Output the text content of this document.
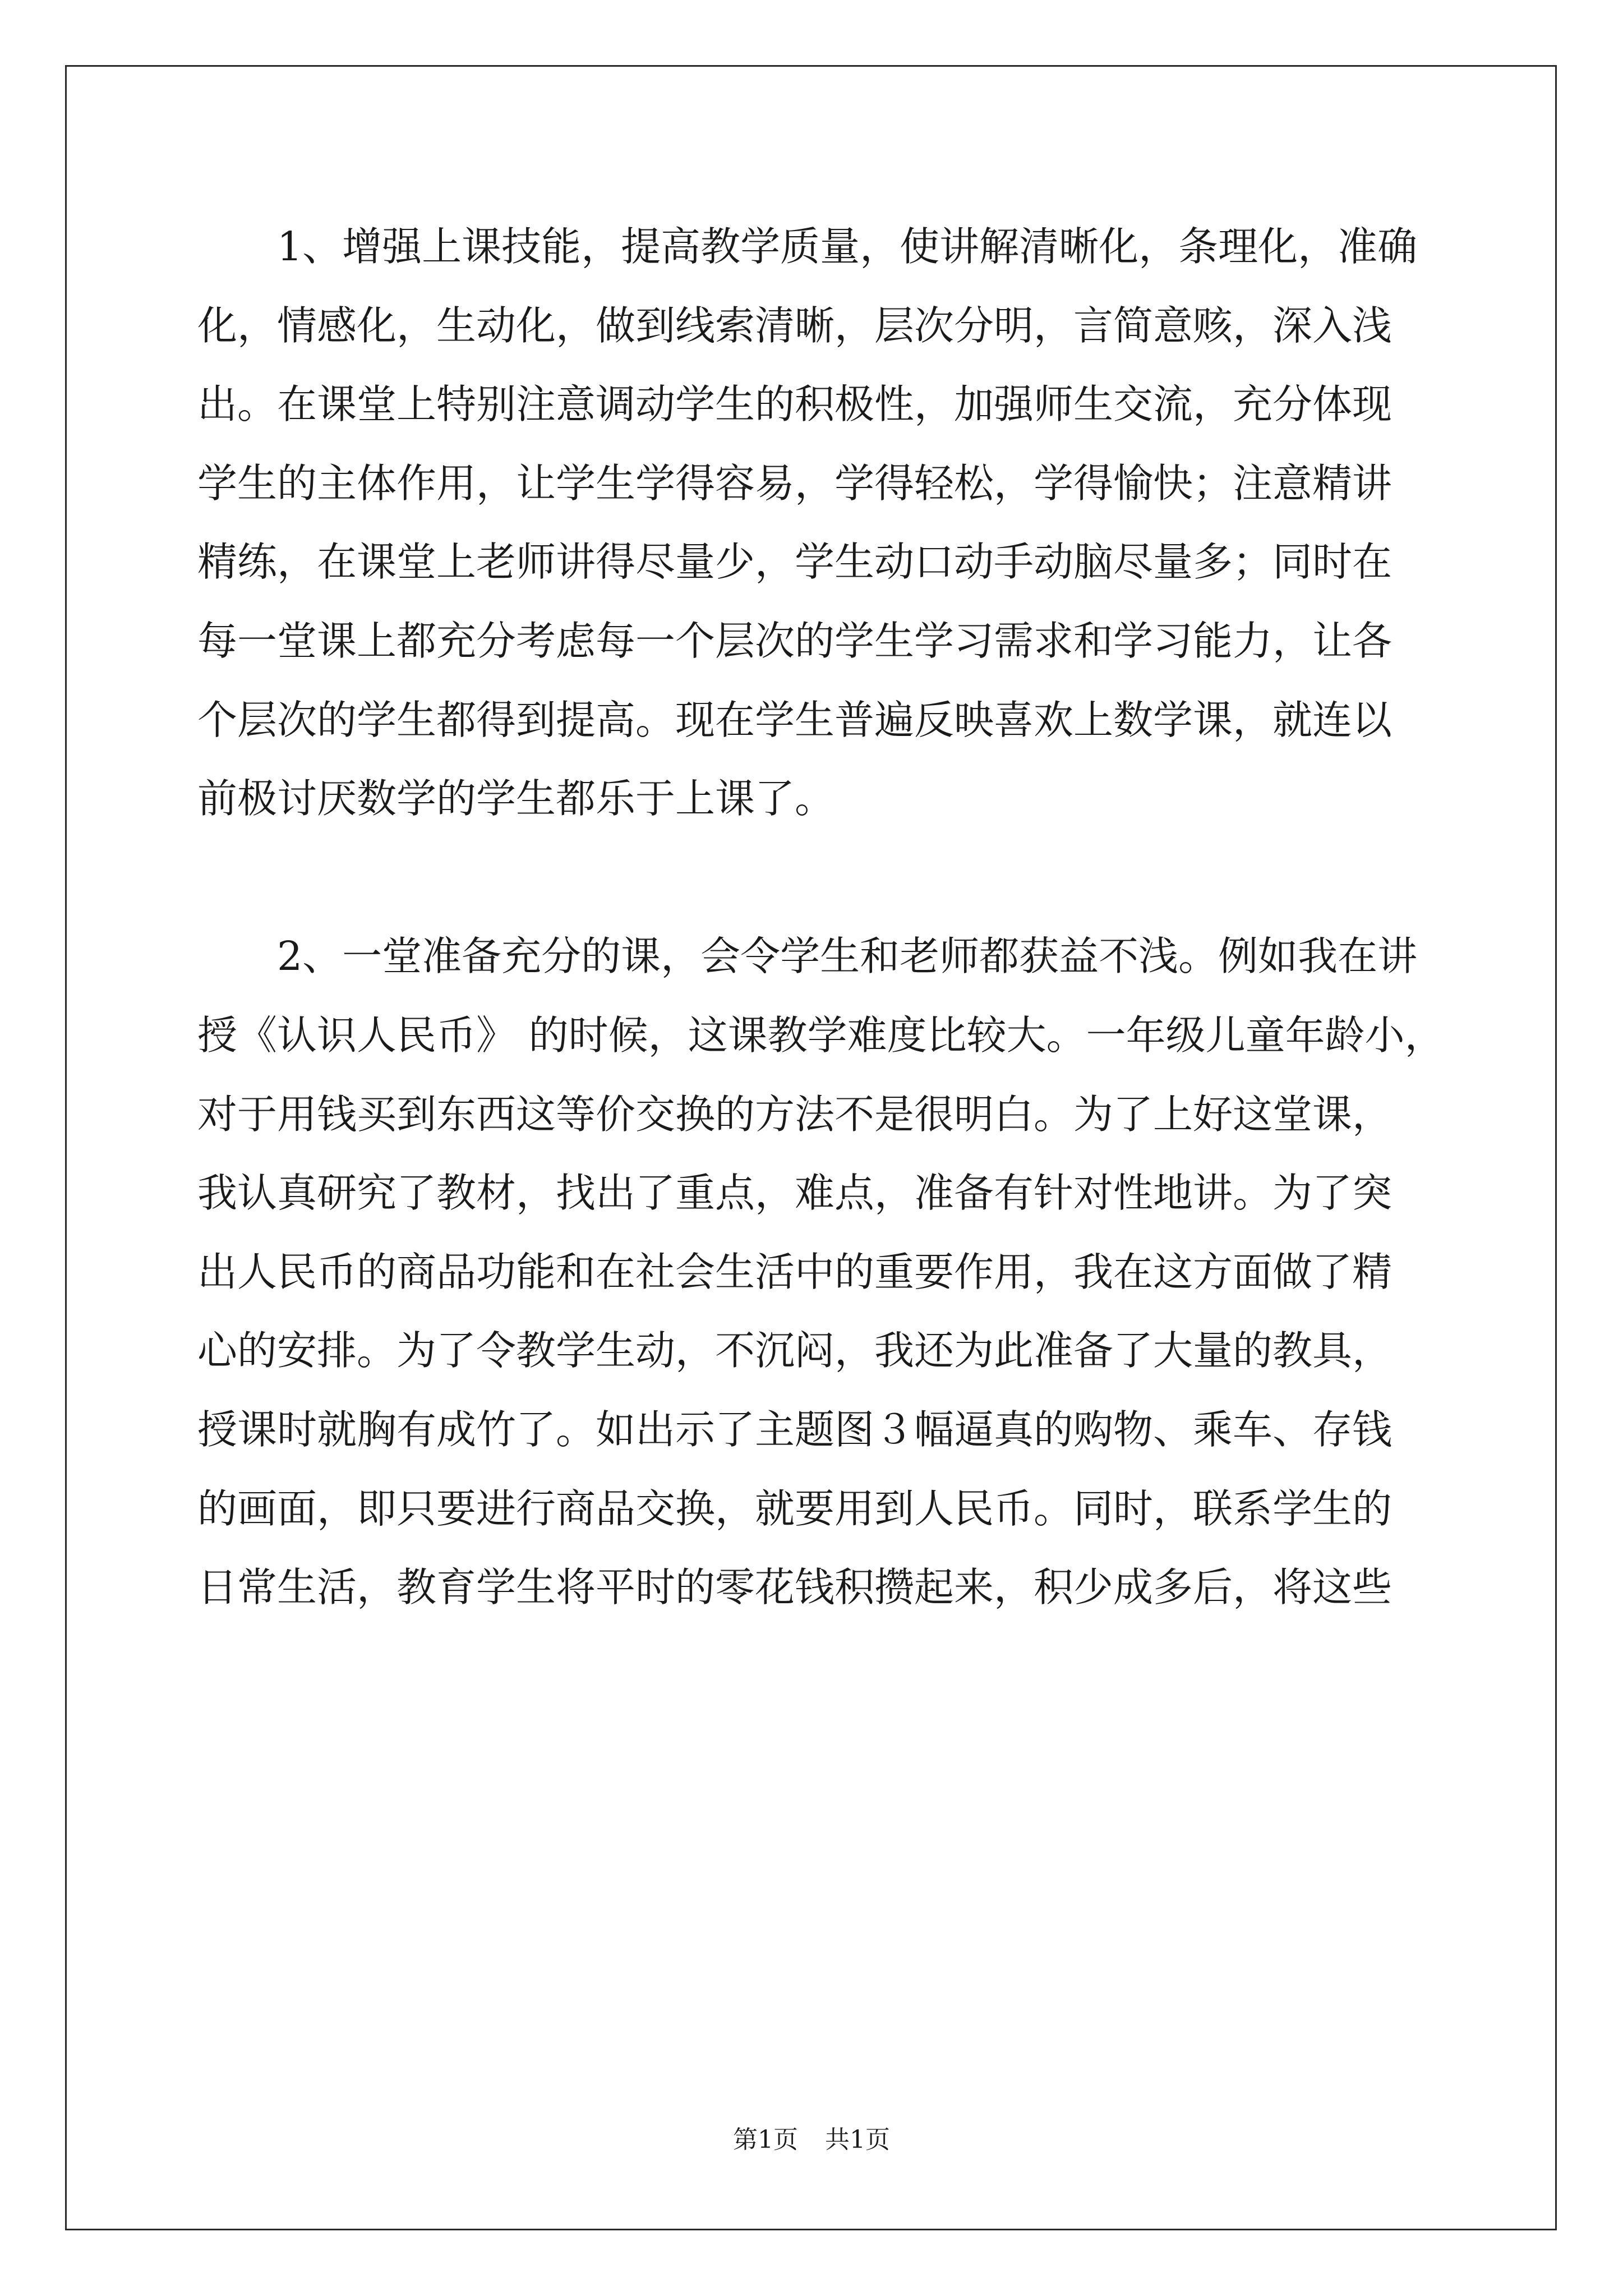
　　1、增强上课技能，提高教学质量，使讲解清晰化，条理化，准确
化，情感化，生动化，做到线索清晰，层次分明，言简意赅，深入浅
出。在课堂上特别注意调动学生的积极性，加强师生交流，充分体现
学生的主体作用，让学生学得容易，学得轻松，学得愉快；注意精讲
精练，在课堂上老师讲得尽量少，学生动口动手动脑尽量多；同时在
每一堂课上都充分考虑每一个层次的学生学习需求和学习能力，让各
个层次的学生都得到提高。现在学生普遍反映喜欢上数学课，就连以
前极讨厌数学的学生都乐于上课了。

　　2、一堂准备充分的课，会令学生和老师都获益不浅。例如我在讲
授《认识人民币》 的时候，这课教学难度比较大。一年级儿童年龄小，
对于用钱买到东西这等价交换的方法不是很明白。为了上好这堂课，
我认真研究了教材，找出了重点，难点，准备有针对性地讲。为了突
出人民币的商品功能和在社会生活中的重要作用，我在这方面做了精
心的安排。为了令教学生动，不沉闷，我还为此准备了大量的教具，
授课时就胸有成竹了。如出示了主题图３幅逼真的购物、乘车、存钱
的画面，即只要进行商品交换，就要用到人民币。同时，联系学生的
日常生活，教育学生将平时的零花钱积攒起来，积少成多后，将这些

第1页 共1页
